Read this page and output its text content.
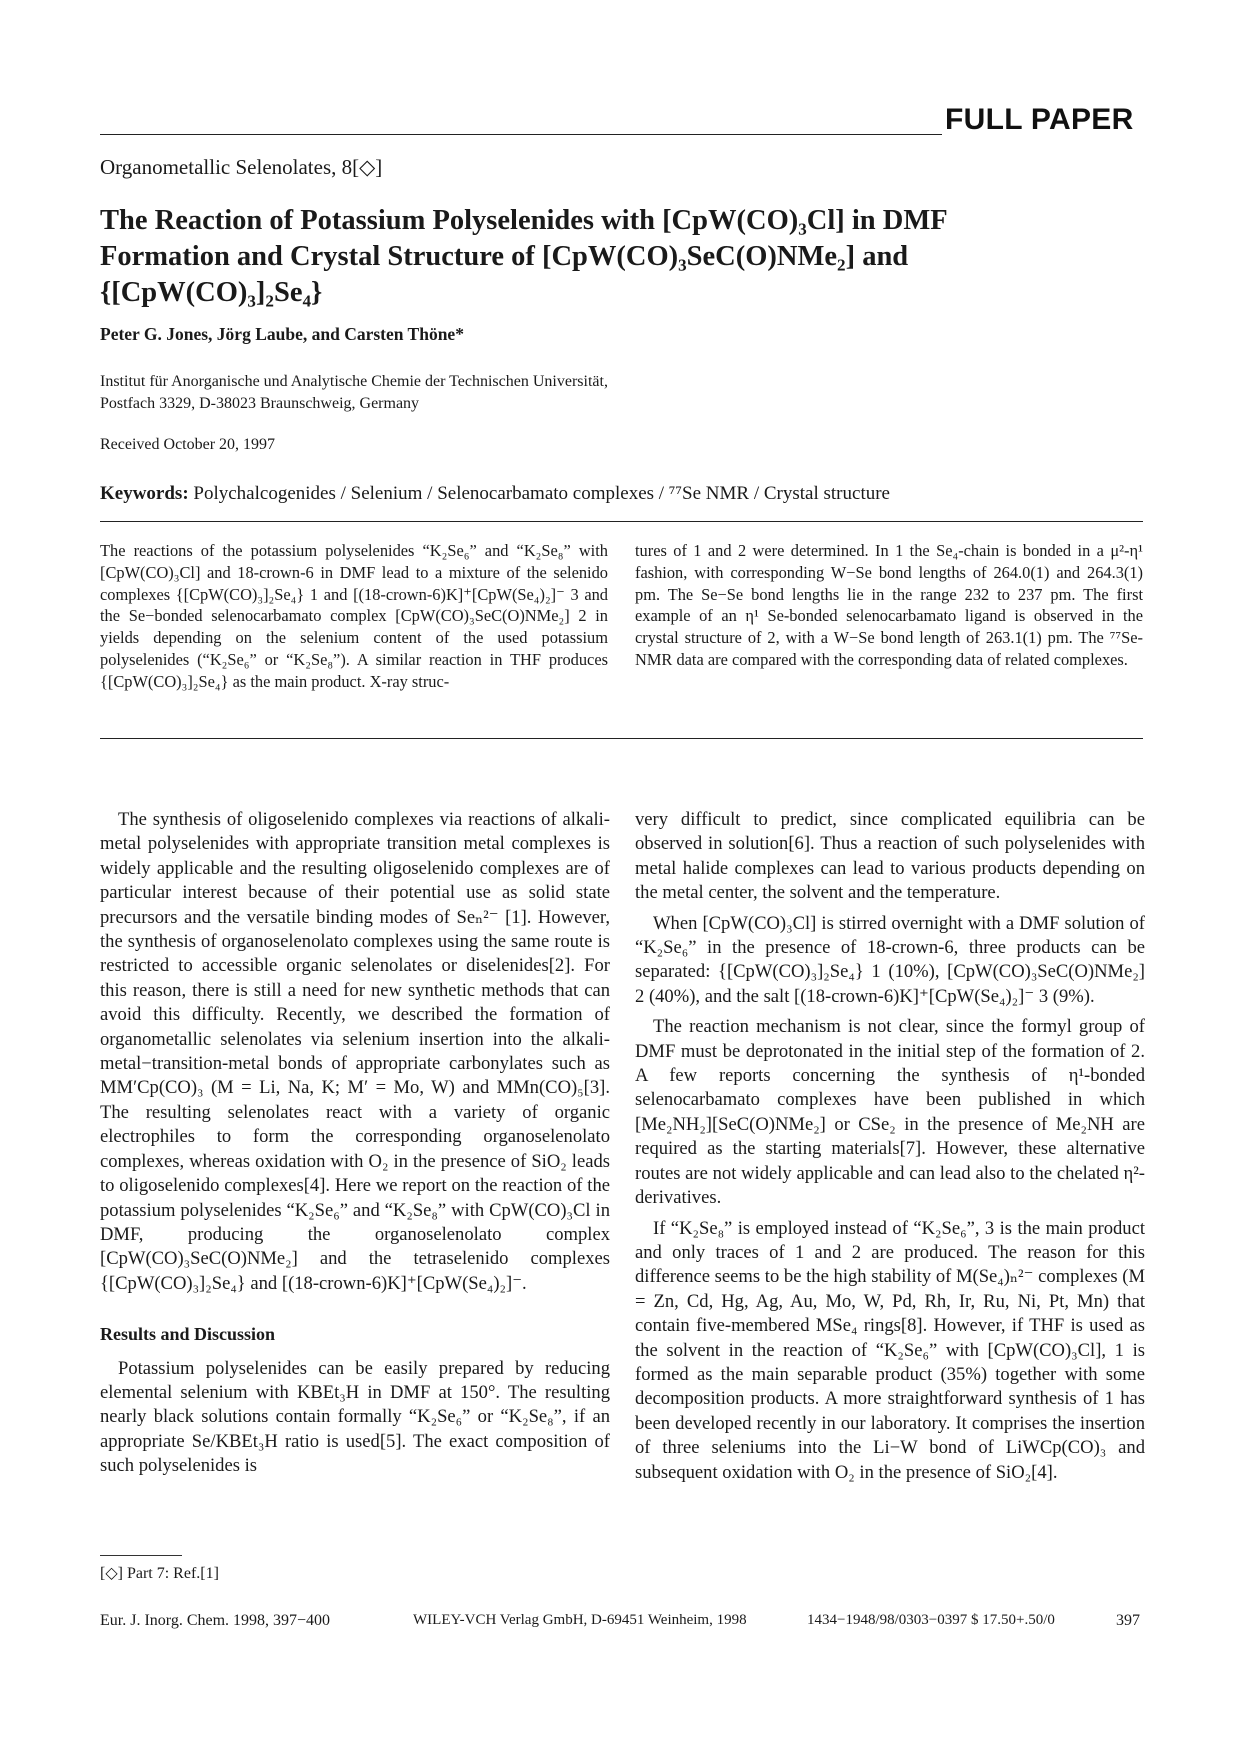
FULL PAPER
Organometallic Selenolates, 8[◇]
The Reaction of Potassium Polyselenides with [CpW(CO)₃Cl] in DMF
Formation and Crystal Structure of [CpW(CO)₃SeC(O)NMe₂] and
{[CpW(CO)₃]₂Se₄}
Peter G. Jones, Jörg Laube, and Carsten Thöne*
Institut für Anorganische und Analytische Chemie der Technischen Universität,
Postfach 3329, D-38023 Braunschweig, Germany
Received October 20, 1997
Keywords: Polychalcogenides / Selenium / Selenocarbamato complexes / ⁷⁷Se NMR / Crystal structure
The reactions of the potassium polyselenides “K₂Se₆” and “K₂Se₈” with [CpW(CO)₃Cl] and 18-crown-6 in DMF lead to a mixture of the selenido complexes {[CpW(CO)₃]₂Se₄} 1 and [(18-crown-6)K]⁺[CpW(Se₄)₂]⁻ 3 and the Se−bonded selenocarbamato complex [CpW(CO)₃SeC(O)NMe₂] 2 in yields depending on the selenium content of the used potassium polyselenides (“K₂Se₆” or “K₂Se₈”). A similar reaction in THF produces {[CpW(CO)₃]₂Se₄} as the main product. X-ray struc-
tures of 1 and 2 were determined. In 1 the Se₄-chain is bonded in a μ²-η¹ fashion, with corresponding W−Se bond lengths of 264.0(1) and 264.3(1) pm. The Se−Se bond lengths lie in the range 232 to 237 pm. The first example of an η¹ Se-bonded selenocarbamato ligand is observed in the crystal structure of 2, with a W−Se bond length of 263.1(1) pm. The ⁷⁷Se-NMR data are compared with the corresponding data of related complexes.

The synthesis of oligoselenido complexes via reactions of alkali-metal polyselenides with appropriate transition metal complexes is widely applicable and the resulting oligoselenido complexes are of particular interest because of their potential use as solid state precursors and the versatile binding modes of Seₙ²⁻ [1]. However, the synthesis of organoselenolato complexes using the same route is restricted to accessible organic selenolates or diselenides[2]. For this reason, there is still a need for new synthetic methods that can avoid this difficulty. Recently, we described the formation of organometallic selenolates via selenium insertion into the alkali-metal−transition-metal bonds of appropriate carbonylates such as MM′Cp(CO)₃ (M = Li, Na, K; M′ = Mo, W) and MMn(CO)₅[3]. The resulting selenolates react with a variety of organic electrophiles to form the corresponding organoselenolato complexes, whereas oxidation with O₂ in the presence of SiO₂ leads to oligoselenido complexes[4]. Here we report on the reaction of the potassium polyselenides “K₂Se₆” and “K₂Se₈” with CpW(CO)₃Cl in DMF, producing the organoselenolato complex [CpW(CO)₃SeC(O)NMe₂] and the tetraselenido complexes {[CpW(CO)₃]₂Se₄} and [(18-crown-6)K]⁺[CpW(Se₄)₂]⁻.

Results and Discussion

Potassium polyselenides can be easily prepared by reducing elemental selenium with KBEt₃H in DMF at 150°. The resulting nearly black solutions contain formally “K₂Se₆” or “K₂Se₈”, if an appropriate Se/KBEt₃H ratio is used[5]. The exact composition of such polyselenides is

very difficult to predict, since complicated equilibria can be observed in solution[6]. Thus a reaction of such polyselenides with metal halide complexes can lead to various products depending on the metal center, the solvent and the temperature.

When [CpW(CO)₃Cl] is stirred overnight with a DMF solution of “K₂Se₆” in the presence of 18-crown-6, three products can be separated: {[CpW(CO)₃]₂Se₄} 1 (10%), [CpW(CO)₃SeC(O)NMe₂] 2 (40%), and the salt [(18-crown-6)K]⁺[CpW(Se₄)₂]⁻ 3 (9%).

The reaction mechanism is not clear, since the formyl group of DMF must be deprotonated in the initial step of the formation of 2. A few reports concerning the synthesis of η¹-bonded selenocarbamato complexes have been published in which [Me₂NH₂][SeC(O)NMe₂] or CSe₂ in the presence of Me₂NH are required as the starting materials[7]. However, these alternative routes are not widely applicable and can lead also to the chelated η²-derivatives.

If “K₂Se₈” is employed instead of “K₂Se₆”, 3 is the main product and only traces of 1 and 2 are produced. The reason for this difference seems to be the high stability of M(Se₄)ₙ²⁻ complexes (M = Zn, Cd, Hg, Ag, Au, Mo, W, Pd, Rh, Ir, Ru, Ni, Pt, Mn) that contain five-membered MSe₄ rings[8]. However, if THF is used as the solvent in the reaction of “K₂Se₆” with [CpW(CO)₃Cl], 1 is formed as the main separable product (35%) together with some decomposition products. A more straightforward synthesis of 1 has been developed recently in our laboratory. It comprises the insertion of three seleniums into the Li−W bond of LiWCp(CO)₃ and subsequent oxidation with O₂ in the presence of SiO₂[4].

[◇] Part 7: Ref.[1]
Eur. J. Inorg. Chem. 1998, 397−400	WILEY-VCH Verlag GmbH, D-69451 Weinheim, 1998	1434−1948/98/0303−0397 $ 17.50+.50/0	397
